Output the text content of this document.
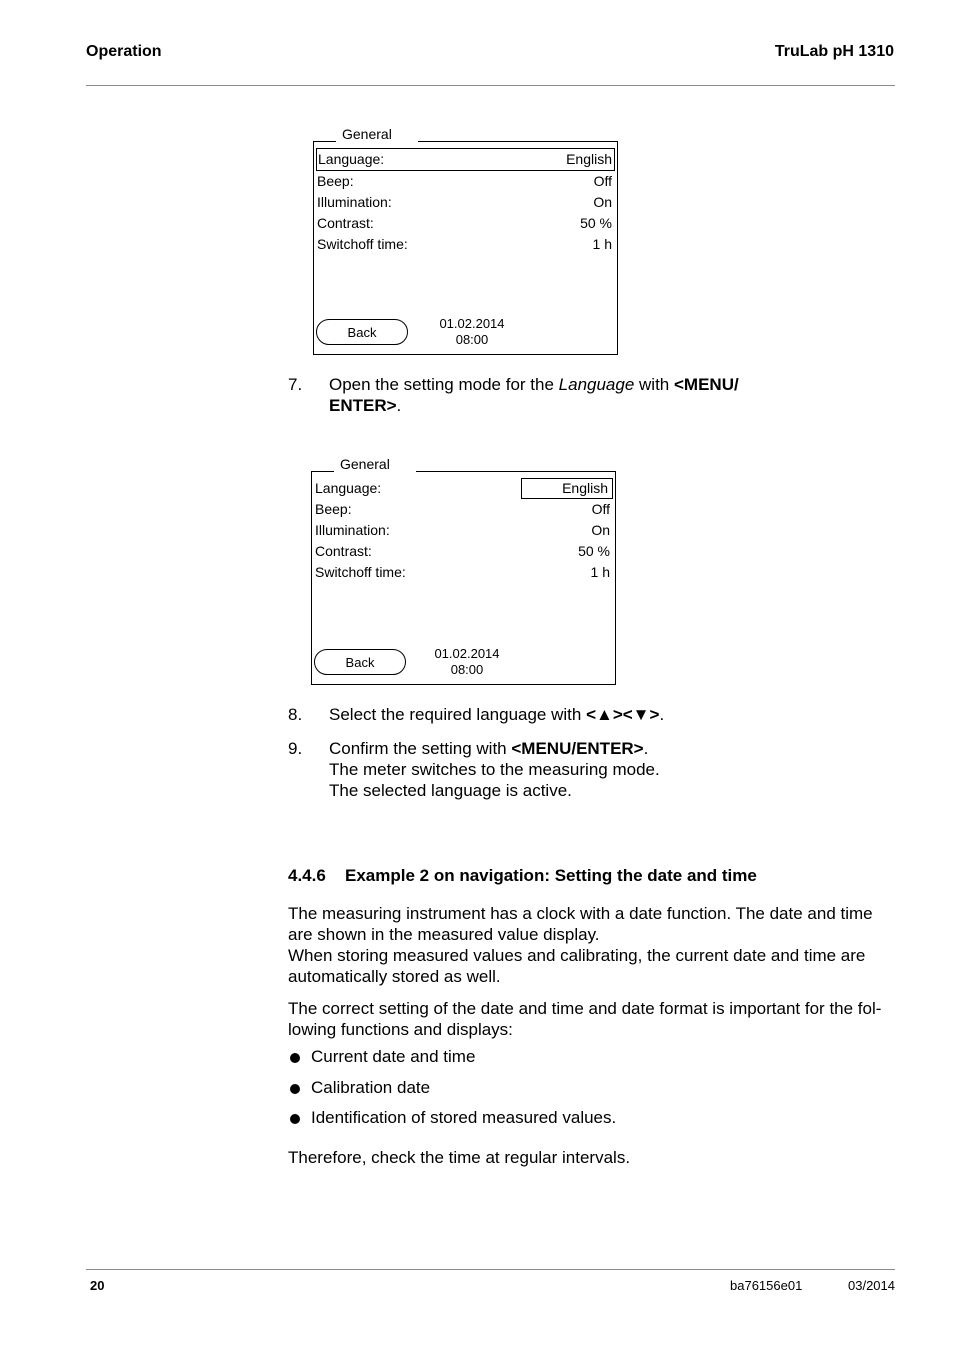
Operation	TruLab pH 1310
General
Language:	English
Beep:	Off
Illumination:	On
Contrast:	50 %
Switchoff time:	1 h
Back
01.02.2014
08:00
7. Open the setting mode for the Language with <MENU/
ENTER>.
General
Language:	English
Beep:	Off
Illumination:	On
Contrast:	50 %
Switchoff time:	1 h
Back
01.02.2014
08:00
8. Select the required language with <▲><▼>.
9. Confirm the setting with <MENU/ENTER>.
The meter switches to the measuring mode.
The selected language is active.
4.4.6 Example 2 on navigation: Setting the date and time
The measuring instrument has a clock with a date function. The date and time are shown in the measured value display.
When storing measured values and calibrating, the current date and time are automatically stored as well.
The correct setting of the date and time and date format is important for the fol-lowing functions and displays:
Current date and time
Calibration date
Identification of stored measured values.
Therefore, check the time at regular intervals.
20	ba76156e01	03/2014
